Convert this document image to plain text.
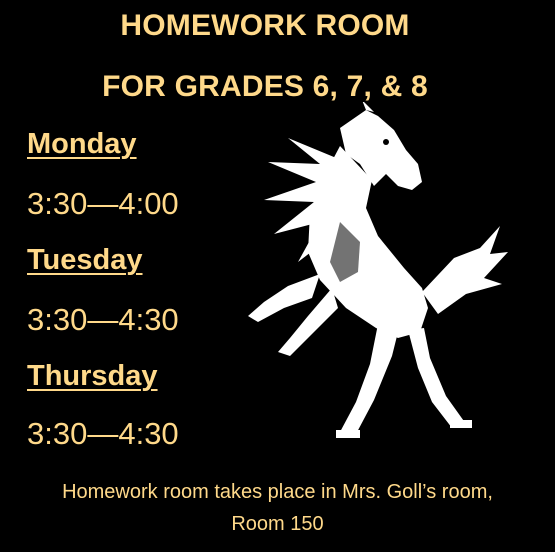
HOMEWORK ROOM
FOR GRADES 6, 7, & 8
Monday
3:30—4:00
Tuesday
3:30—4:30
Thursday
3:30—4:30
Homework room takes place in Mrs. Goll’s room,
Room 150
